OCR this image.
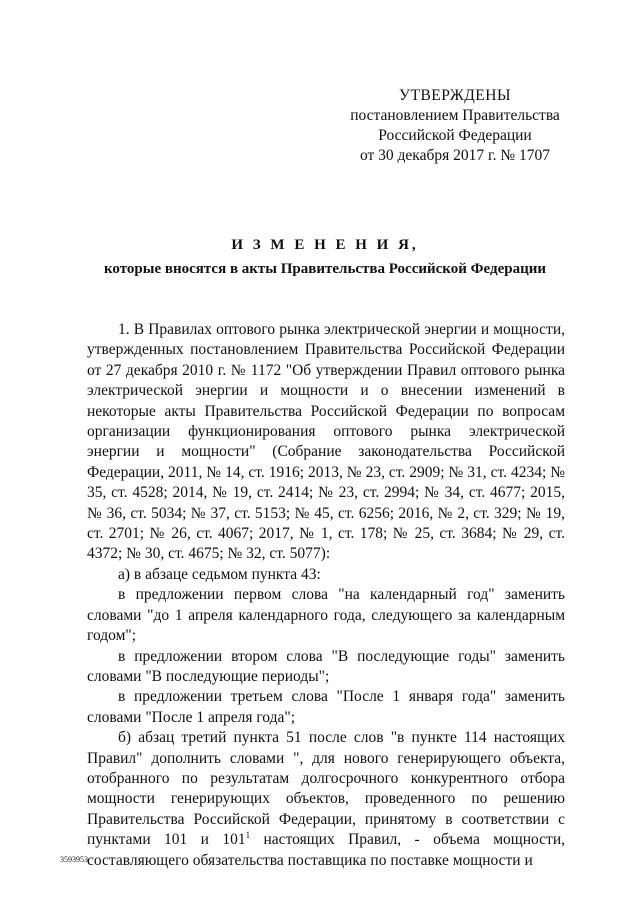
УТВЕРЖДЕНЫ
постановлением Правительства
Российской Федерации
от 30 декабря 2017 г. № 1707
И З М Е Н Е Н И Я,
которые вносятся в акты Правительства Российской Федерации

1. В Правилах оптового рынка электрической энергии и мощности, утвержденных постановлением Правительства Российской Федерации от 27 декабря 2010 г. № 1172 "Об утверждении Правил оптового рынка электрической энергии и мощности и о внесении изменений в некоторые акты Правительства Российской Федерации по вопросам организации функционирования оптового рынка электрической энергии и мощности" (Собрание законодательства Российской Федерации, 2011, № 14, ст. 1916; 2013, № 23, ст. 2909; № 31, ст. 4234; № 35, ст. 4528; 2014, № 19, ст. 2414; № 23, ст. 2994; № 34, ст. 4677; 2015, № 36, ст. 5034; № 37, ст. 5153; № 45, ст. 6256; 2016, № 2, ст. 329; № 19, ст. 2701; № 26, ст. 4067; 2017, № 1, ст. 178; № 25, ст. 3684; № 29, ст. 4372; № 30, ст. 4675; № 32, ст. 5077):

а) в абзаце седьмом пункта 43:

в предложении первом слова "на календарный год" заменить словами "до 1 апреля календарного года, следующего за календарным годом";

в предложении втором слова "В последующие годы" заменить словами "В последующие периоды";

в предложении третьем слова "После 1 января года" заменить словами "После 1 апреля года";

б) абзац третий пункта 51 после слов "в пункте 114 настоящих Правил" дополнить словами ", для нового генерирующего объекта, отобранного по результатам долгосрочного конкурентного отбора мощности генерирующих объектов, проведенного по решению Правительства Российской Федерации, принятому в соответствии с пунктами 101 и $101^1$ настоящих Правил, - объема мощности, составляющего обязательства поставщика по поставке мощности и

3593953
